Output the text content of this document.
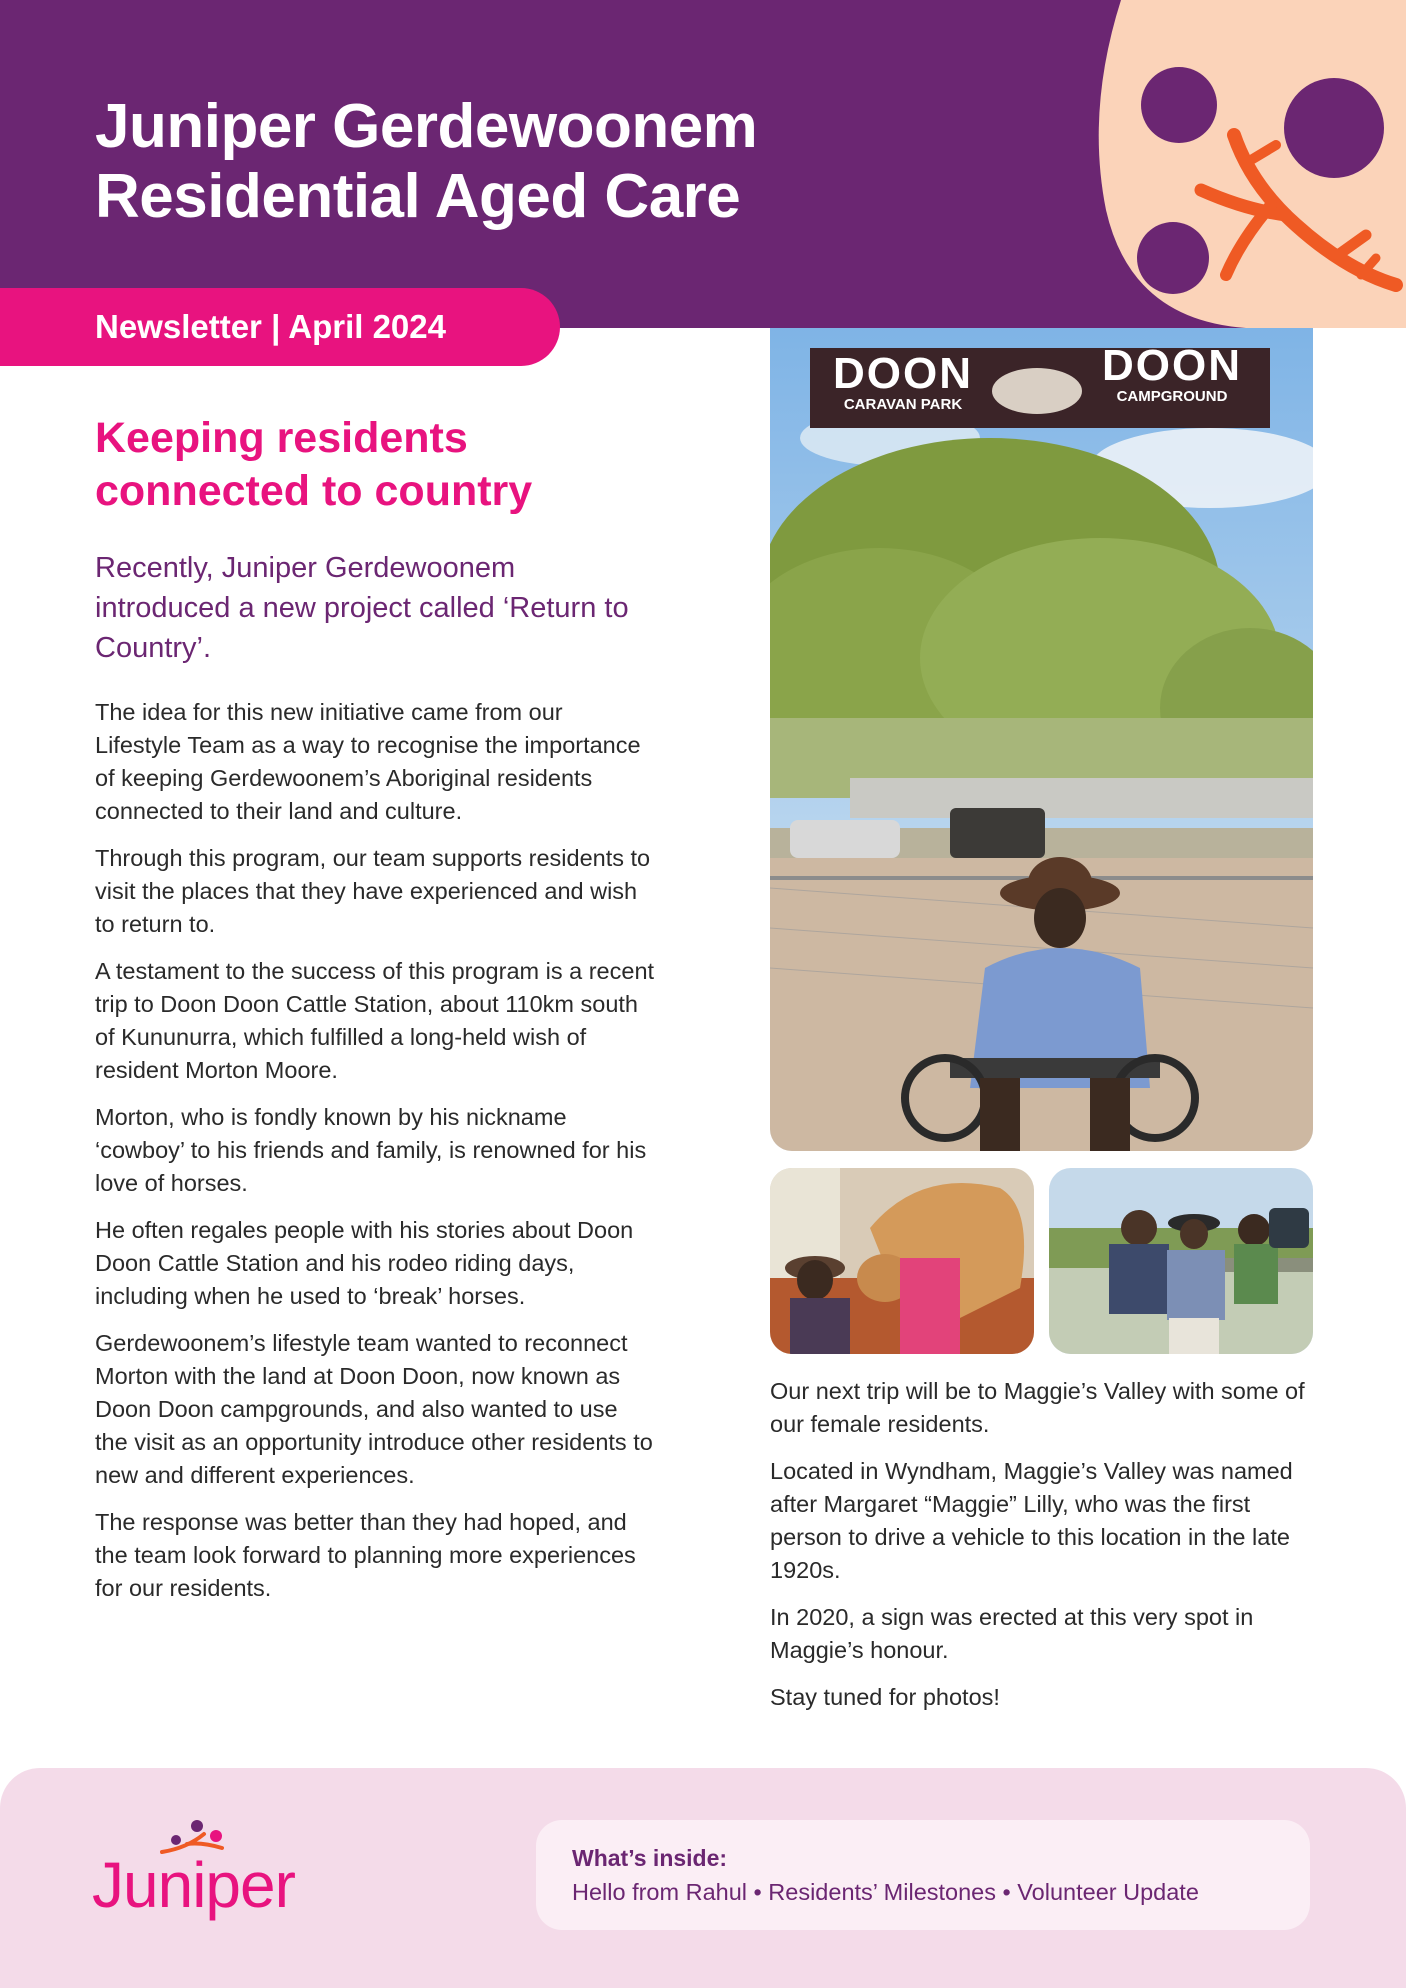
Juniper Gerdewoonem
Residential Aged Care
Newsletter | April 2024
Keeping residents
connected to country

Recently, Juniper Gerdewoonem introduced a new project called ‘Return to Country’.

The idea for this new initiative came from our Lifestyle Team as a way to recognise the importance of keeping Gerdewoonem’s Aboriginal residents connected to their land and culture.

Through this program, our team supports residents to visit the places that they have experienced and wish to return to.

A testament to the success of this program is a recent trip to Doon Doon Cattle Station, about 110km south of Kununurra, which fulfilled a long-held wish of resident Morton Moore.

Morton, who is fondly known by his nickname ‘cowboy’ to his friends and family, is renowned for his love of horses.

He often regales people with his stories about Doon Doon Cattle Station and his rodeo riding days, including when he used to ‘break’ horses.

Gerdewoonem’s lifestyle team wanted to reconnect Morton with the land at Doon Doon, now known as Doon Doon campgrounds, and also wanted to use the visit as an opportunity introduce other residents to new and different experiences.

The response was better than they had hoped, and the team look forward to planning more experiences for our residents.

DOON
CARAVAN PARK
DOON
CAMPGROUND

Our next trip will be to Maggie’s Valley with some of our female residents.

Located in Wyndham, Maggie’s Valley was named after Margaret “Maggie” Lilly, who was the first person to drive a vehicle to this location in the late 1920s.

In 2020, a sign was erected at this very spot in Maggie’s honour.

Stay tuned for photos!

Juniper	What’s inside:
Hello from Rahul • Residents’ Milestones • Volunteer Update
